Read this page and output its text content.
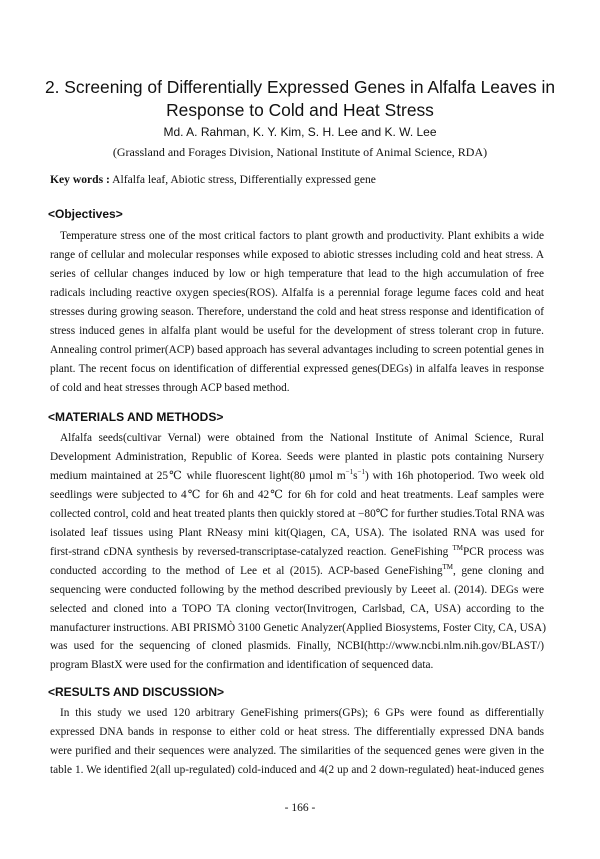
2. Screening of Differentially Expressed Genes in Alfalfa Leaves in
Response to Cold and Heat Stress
Md. A. Rahman, K. Y. Kim, S. H. Lee and K. W. Lee
(Grassland and Forages Division, National Institute of Animal Science, RDA)
Key words : Alfalfa leaf, Abiotic stress, Differentially expressed gene
<Objectives>
Temperature stress one of the most critical factors to plant growth and productivity. Plant exhibits a wide
range of cellular and molecular responses while exposed to abiotic stresses including cold and heat stress. A
series of cellular changes induced by low or high temperature that lead to the high accumulation of free
radicals including reactive oxygen species(ROS). Alfalfa is a perennial forage legume faces cold and heat
stresses during growing season. Therefore, understand the cold and heat stress response and identification of
stress induced genes in alfalfa plant would be useful for the development of stress tolerant crop in future.
Annealing control primer(ACP) based approach has several advantages including to screen potential genes in
plant. The recent focus on identification of differential expressed genes(DEGs) in alfalfa leaves in response
of cold and heat stresses through ACP based method.
<MATERIALS AND METHODS>
Alfalfa seeds(cultivar Vernal) were obtained from the National Institute of Animal Science, Rural
Development Administration, Republic of Korea. Seeds were planted in plastic pots containing Nursery
medium maintained at 25℃ while fluorescent light(80 µmol $m^{-1}s^{-1}$) with 16h photoperiod. Two week old
seedlings were subjected to 4℃ for 6h and 42℃ for 6h for cold and heat treatments. Leaf samples were
collected control, cold and heat treated plants then quickly stored at −80℃ for further studies.Total RNA was
isolated leaf tissues using Plant RNeasy mini kit(Qiagen, CA, USA). The isolated RNA was used for
first-strand cDNA synthesis by reversed-transcriptase-catalyzed reaction. GeneFishing ™PCR process was
conducted according to the method of Lee et al (2015). ACP-based GeneFishing™, gene cloning and
sequencing were conducted following by the method described previously by Leeet al. (2014). DEGs were
selected and cloned into a TOPO TA cloning vector(Invitrogen, Carlsbad, CA, USA) according to the
manufacturer instructions. ABI PRISMÒ 3100 Genetic Analyzer(Applied Biosystems, Foster City, CA, USA)
was used for the sequencing of cloned plasmids. Finally, NCBI(http://www.ncbi.nlm.nih.gov/BLAST/)
program BlastX were used for the confirmation and identification of sequenced data.
<RESULTS AND DISCUSSION>
In this study we used 120 arbitrary GeneFishing primers(GPs); 6 GPs were found as differentially
expressed DNA bands in response to either cold or heat stress. The differentially expressed DNA bands
were purified and their sequences were analyzed. The similarities of the sequenced genes were given in the
table 1. We identified 2(all up-regulated) cold-induced and 4(2 up and 2 down-regulated) heat-induced genes
- 166 -
